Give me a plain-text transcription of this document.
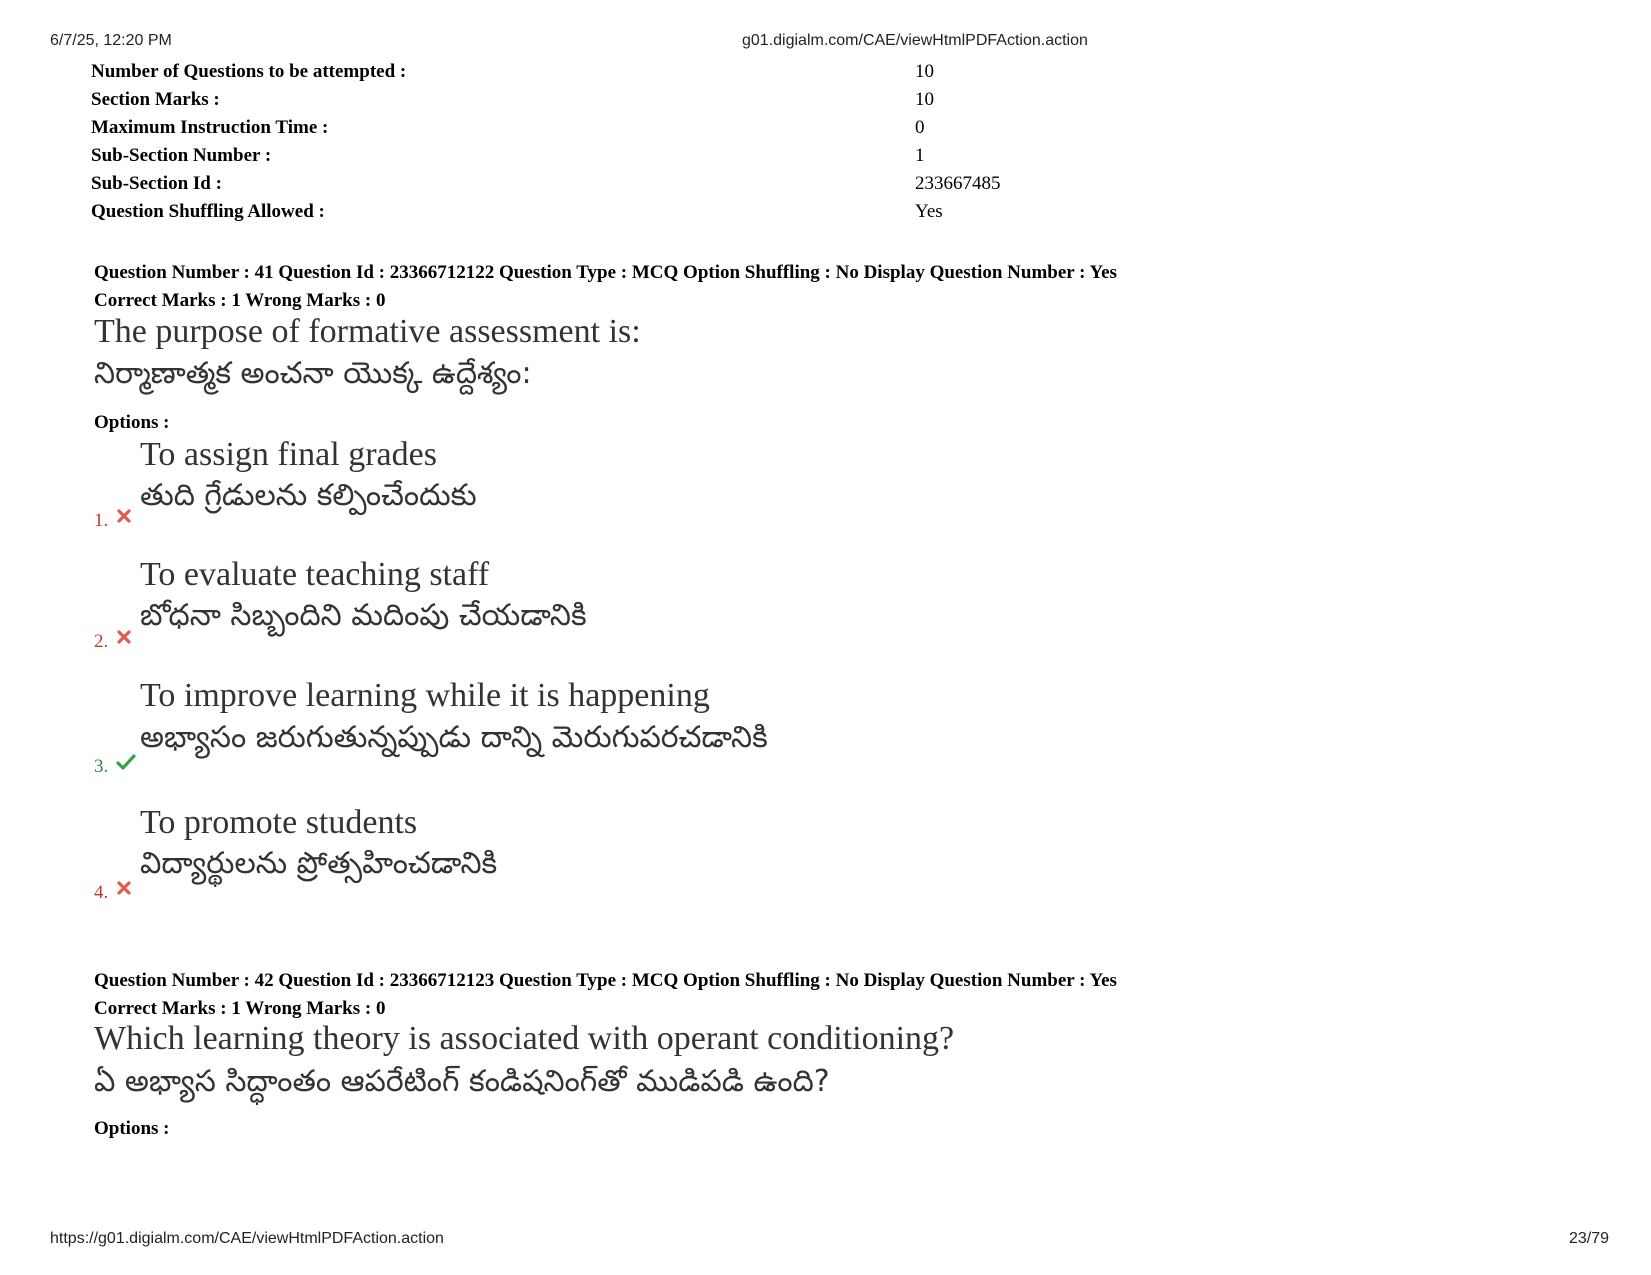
6/7/25, 12:20 PM	g01.digialm.com/CAE/viewHtmlPDFAction.action
Number of Questions to be attempted :	10
Section Marks :	10
Maximum Instruction Time :	0
Sub-Section Number :	1
Sub-Section Id :	233667485
Question Shuffling Allowed :	Yes
Question Number : 41 Question Id : 23366712122 Question Type : MCQ Option Shuffling : No Display Question Number : Yes
Correct Marks : 1 Wrong Marks : 0
The purpose of formative assessment is:
నిర్మాణాత్మక అంచనా యొక్క ఉద్దేశ్యం:
Options :
To assign final grades
తుది గ్రేడులను కల్పించేందుకు
1.
To evaluate teaching staff
బోధనా సిబ్బందిని మదింపు చేయడానికి
2.
To improve learning while it is happening
అభ్యాసం జరుగుతున్నప్పుడు దాన్ని మెరుగుపరచడానికి
3.
To promote students
విద్యార్థులను ప్రోత్సహించడానికి
4.
Question Number : 42 Question Id : 23366712123 Question Type : MCQ Option Shuffling : No Display Question Number : Yes
Correct Marks : 1 Wrong Marks : 0
Which learning theory is associated with operant conditioning?
ఏ అభ్యాస సిద్ధాంతం ఆపరేటింగ్ కండిషనింగ్‌తో ముడిపడి ఉంది?
Options :
https://g01.digialm.com/CAE/viewHtmlPDFAction.action	23/79
